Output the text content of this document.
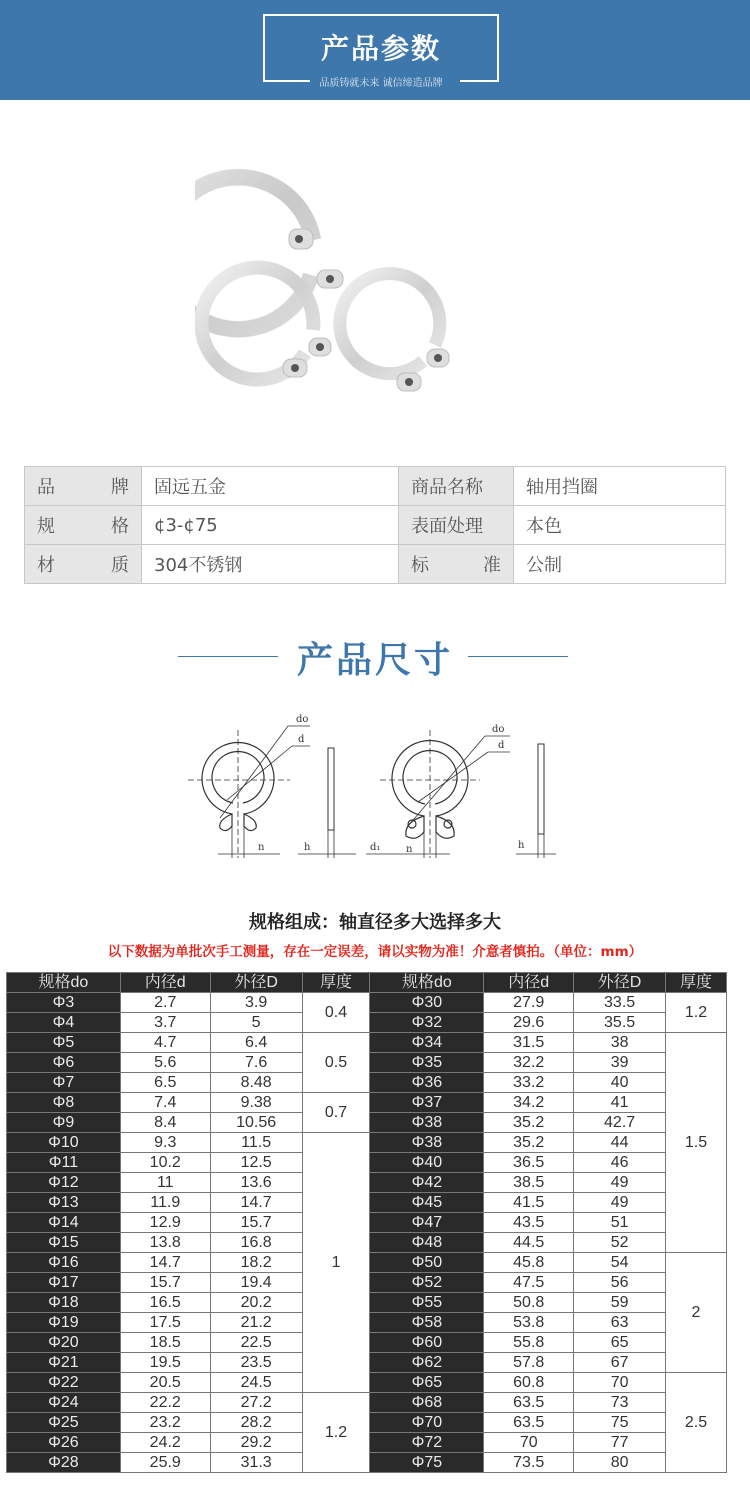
产品参数
品质铸就未来 诚信缔造品牌
品 牌	固远五金	商品名称	轴用挡圈

规 格	¢3-¢75	表面处理	本色

材 质	304不锈钢	标 准	公制
产品尺寸
do
d
n	h
do
d
d₁	n	h
规格组成：轴直径多大选择多大
以下数据为单批次手工测量，存在一定误差，请以实物为准！介意者慎拍。（单位：mm）
规格do	内径d	外径D	厚度	规格do	内径d	外径D	厚度
Φ3	2.7	3.9	0.4	Φ30	27.9	33.5	1.2
Φ4	3.7	5		Φ32	29.6	35.5	
Φ5	4.7	6.4	0.5	Φ34	31.5	38	1.5
Φ6	5.6	7.6		Φ35	32.2	39	
Φ7	6.5	8.48		Φ36	33.2	40	
Φ8	7.4	9.38	0.7	Φ37	34.2	41	
Φ9	8.4	10.56		Φ38	35.2	42.7	
Φ10	9.3	11.5	1	Φ38	35.2	44	
Φ11	10.2	12.5		Φ40	36.5	46	
Φ12	11	13.6		Φ42	38.5	49	
Φ13	11.9	14.7		Φ45	41.5	49	
Φ14	12.9	15.7		Φ47	43.5	51	
Φ15	13.8	16.8		Φ48	44.5	52	
Φ16	14.7	18.2		Φ50	45.8	54	2
Φ17	15.7	19.4		Φ52	47.5	56	
Φ18	16.5	20.2		Φ55	50.8	59	
Φ19	17.5	21.2		Φ58	53.8	63	
Φ20	18.5	22.5		Φ60	55.8	65	
Φ21	19.5	23.5		Φ62	57.8	67	
Φ22	20.5	24.5		Φ65	60.8	70	2.5
Φ24	22.2	27.2	1.2	Φ68	63.5	73	
Φ25	23.2	28.2		Φ70	63.5	75	
Φ26	24.2	29.2		Φ72	70	77	
Φ28	25.9	31.3		Φ75	73.5	80	
